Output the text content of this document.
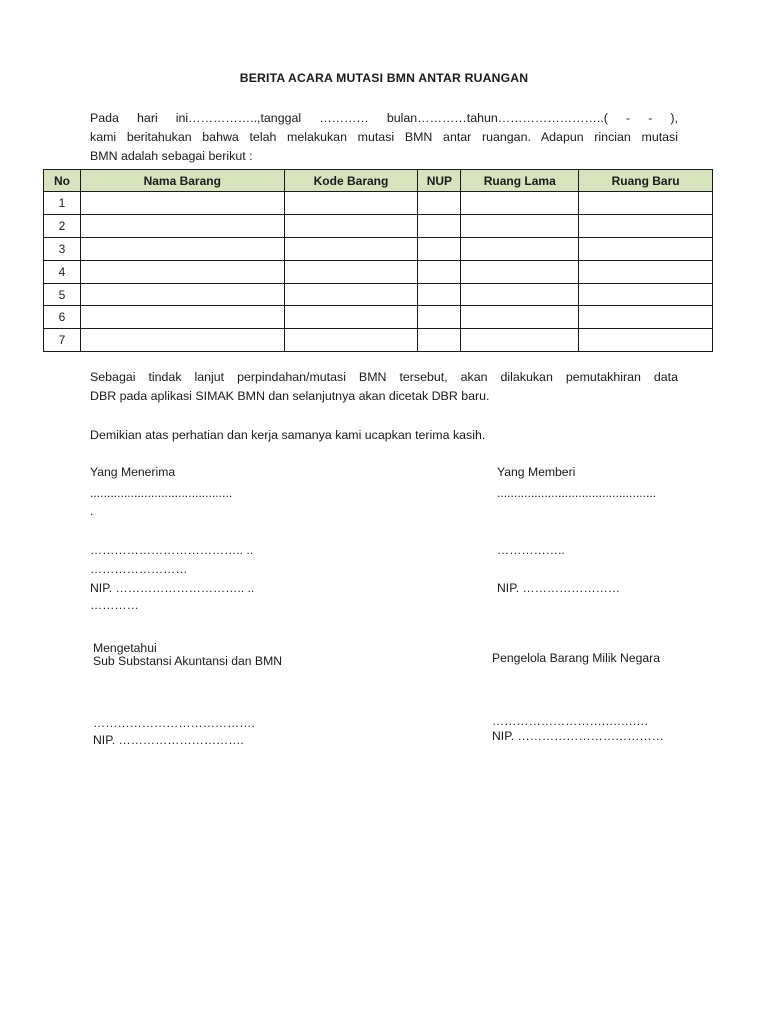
BERITA ACARA MUTASI BMN ANTAR RUANGAN
Pada hari ini……………..,tanggal ………… bulan…………tahun……………………..( - - ),
kami beritahukan bahwa telah melakukan mutasi BMN antar ruangan. Adapun rincian mutasi
BMN adalah sebagai berikut :
No	Nama Barang	Kode Barang	NUP	Ruang Lama	Ruang Baru
1					
2					
3					
4					
5					
6					
7					
Sebagai tindak lanjut perpindahan/mutasi BMN tersebut, akan dilakukan pemutakhiran data
DBR pada aplikasi SIMAK BMN dan selanjutnya akan dicetak DBR baru.
Demikian atas perhatian dan kerja samanya kami ucapkan terima kasih.
Yang Menerima
..........................................
.
……………………………….. ..
……………………
NIP. ………………………….. ..
…………
Yang Memberi
...............................................
……………..
NIP. ……………………
Mengetahui
Sub Substansi Akuntansi dan BMN
………………………………….
NIP. ………………………….
Pengelola Barang Milik Negara
……………………….….….…
NIP. ………………………………
